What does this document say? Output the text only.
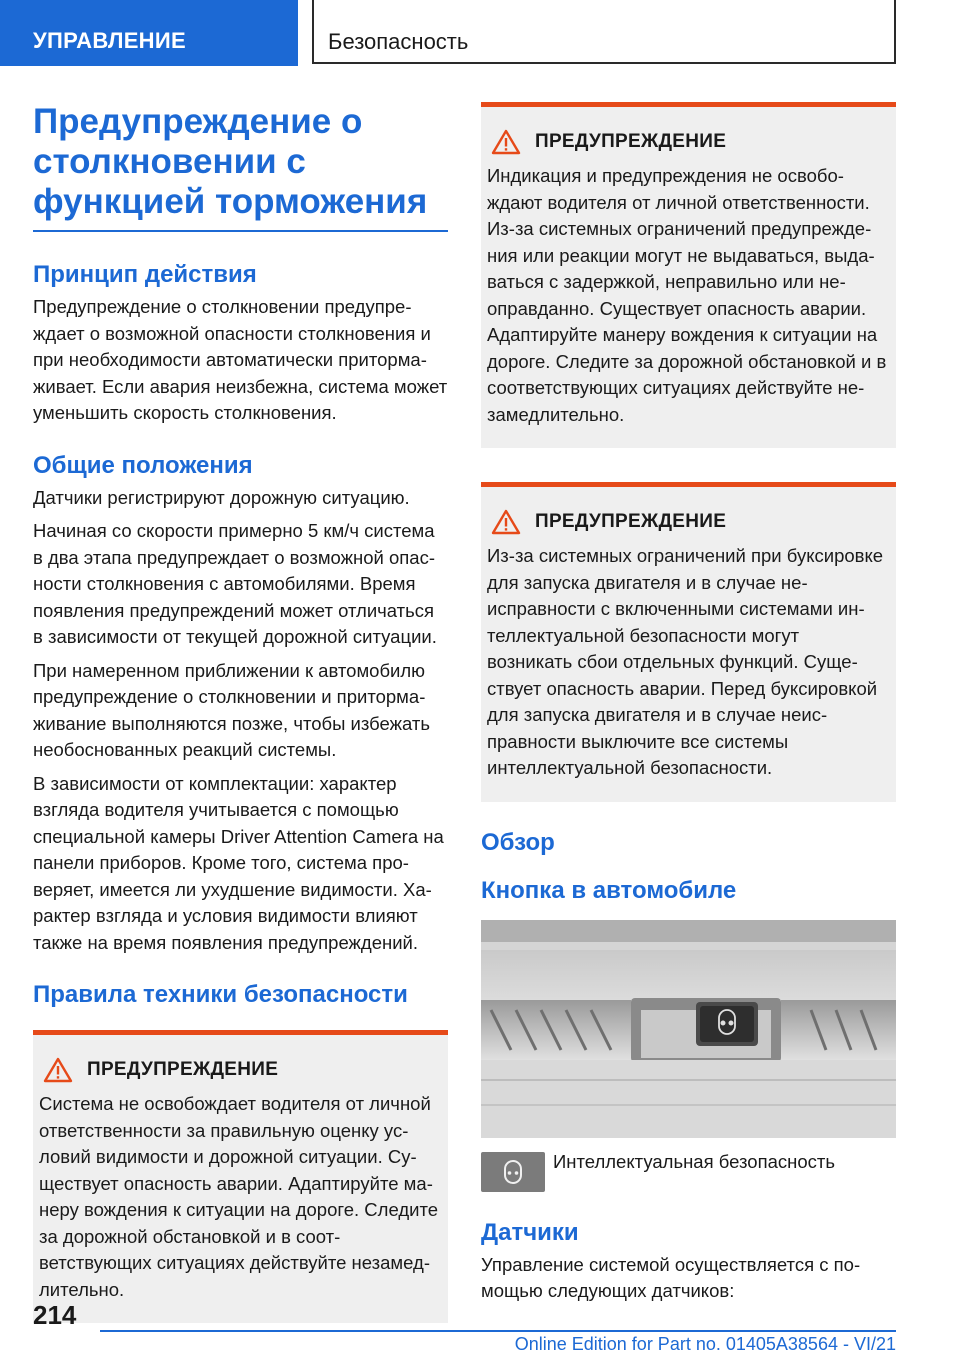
УПРАВЛЕНИЕ	Безопасность
Предупреждение о столкновении с функцией торможения
Принцип действия

Предупреждение о столкновении предупреждает о возможной опасности столкновения и при необходимости автоматически притормаживает. Если авария неизбежна, система может уменьшить скорость столкновения.

Общие положения

Датчики регистрируют дорожную ситуацию.

Начиная со скорости примерно 5 км/ч система в два этапа предупреждает о возможной опасности столкновения с автомобилями. Время появления предупреждений может отличаться в зависимости от текущей дорожной ситуации.

При намеренном приближении к автомобилю предупреждение о столкновении и притормаживание выполняются позже, чтобы избежать необоснованных реакций системы.

В зависимости от комплектации: характер взгляда водителя учитывается с помощью специальной камеры Driver Attention Camera на панели приборов. Кроме того, система проверяет, имеется ли ухудшение видимости. Характер взгляда и условия видимости влияют также на время появления предупреждений.

Правила техники безопасности
ПРЕДУПРЕЖДЕНИЕ
Система не освобождает водителя от личной ответственности за правильную оценку условий видимости и дорожной ситуации. Существует опасность аварии. Адаптируйте манеру вождения к ситуации на дороге. Следите за дорожной обстановкой и в соответствующих ситуациях действуйте незамедлительно.
ПРЕДУПРЕЖДЕНИЕ
Индикация и предупреждения не освобождают водителя от личной ответственности. Из-за системных ограничений предупреждения или реакции могут не выдаваться, выдаваться с задержкой, неправильно или неоправданно. Существует опасность аварии. Адаптируйте манеру вождения к ситуации на дороге. Следите за дорожной обстановкой и в соответствующих ситуациях действуйте незамедлительно.
ПРЕДУПРЕЖДЕНИЕ
Из-за системных ограничений при буксировке для запуска двигателя и в случае неисправности с включенными системами интеллектуальной безопасности могут возникать сбои отдельных функций. Существует опасность аварии. Перед буксировкой для запуска двигателя и в случае неисправности выключите все системы интеллектуальной безопасности.
Обзор
Кнопка в автомобиле
Интеллектуальная безопасность
Датчики

Управление системой осуществляется с помощью следующих датчиков:

214
Online Edition for Part no. 01405A38564 - VI/21
